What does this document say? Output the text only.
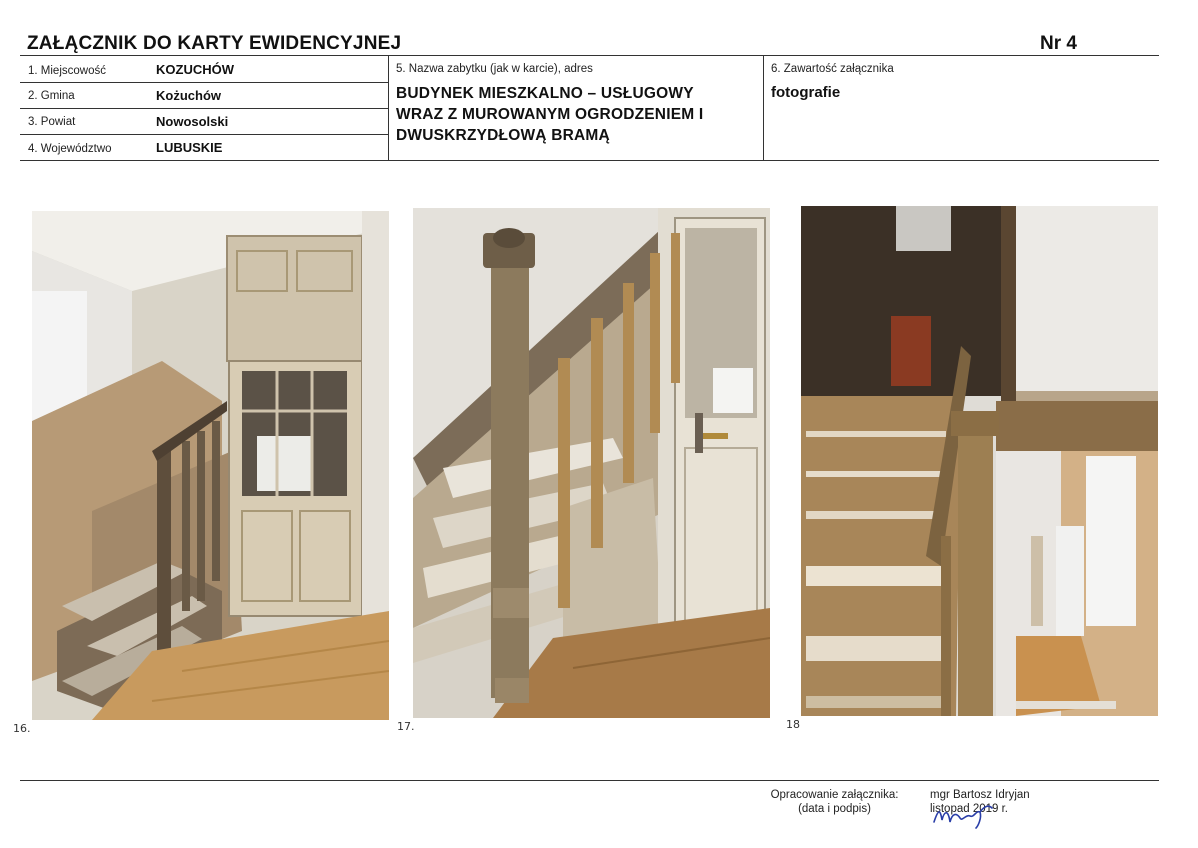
ZAŁĄCZNIK DO KARTY EWIDENCYJNEJ	Nr 4
1. Miejscowość	KOZUCHÓW
2. Gmina	Kożuchów
3. Powiat	Nowosolski
4. Województwo	LUBUSKIE
5. Nazwa zabytku (jak w karcie), adres
BUDYNEK MIESZKALNO – USŁUGOWY
WRAZ Z MUROWANYM OGRODZENIEM I
DWUSKRZYDŁOWĄ BRAMĄ
6. Zawartość załącznika
fotografie
16.	17.	18
Opracowanie załącznika:
(data i podpis)
mgr Bartosz Idryjan
listopad 2019 r.
